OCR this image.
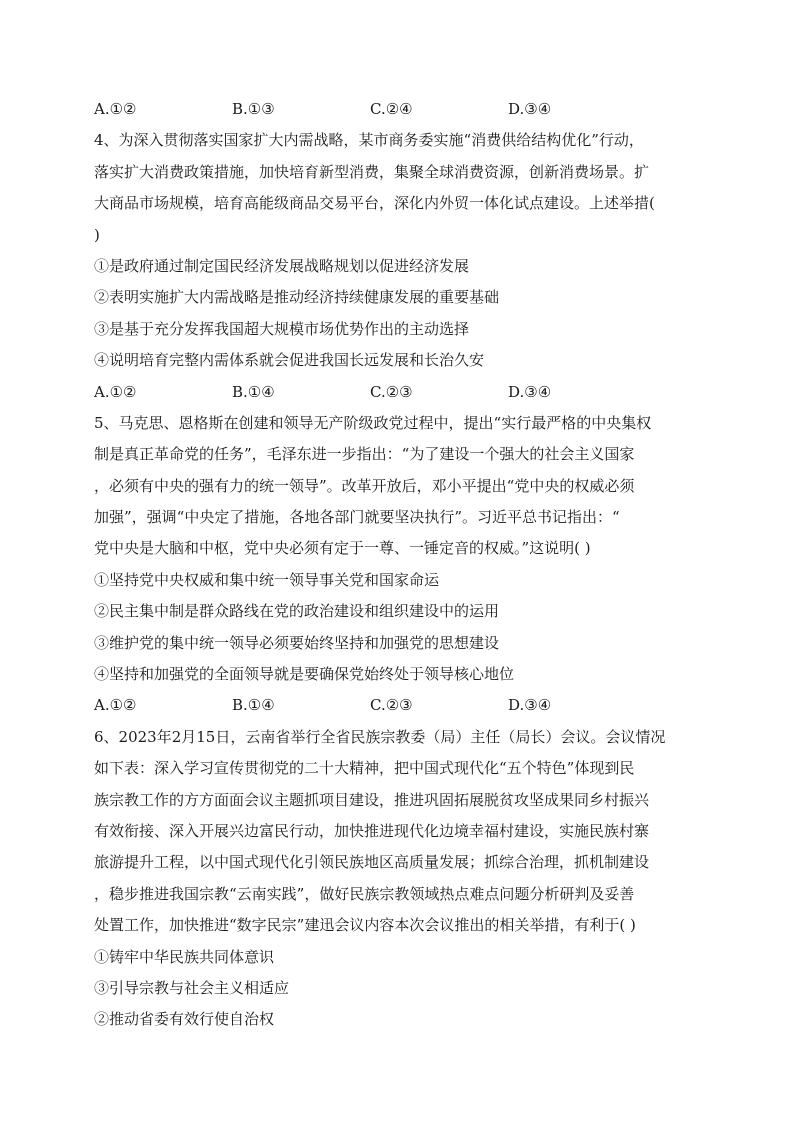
A.①②	B.①③	C.②④	D.③④
4、为深入贯彻落实国家扩大内需战略，某市商务委实施“消费供给结构优化”行动，
落实扩大消费政策措施，加快培育新型消费，集聚全球消费资源，创新消费场景。扩
大商品市场规模，培育高能级商品交易平台，深化内外贸一体化试点建设。上述举措(
)
①是政府通过制定国民经济发展战略规划以促进经济发展
②表明实施扩大内需战略是推动经济持续健康发展的重要基础
③是基于充分发挥我国超大规模市场优势作出的主动选择
④说明培育完整内需体系就会促进我国长远发展和长治久安
A.①②	B.①④	C.②③	D.③④
5、马克思、恩格斯在创建和领导无产阶级政党过程中，提出“实行最严格的中央集权
制是真正革命党的任务”，毛泽东进一步指出：“为了建设一个强大的社会主义国家
，必须有中央的强有力的统一领导”。改革开放后，邓小平提出“党中央的权威必须
加强”，强调“中央定了措施，各地各部门就要坚决执行”。习近平总书记指出：“
党中央是大脑和中枢，党中央必须有定于一尊、一锤定音的权威。”这说明( )
①坚持党中央权威和集中统一领导事关党和国家命运
②民主集中制是群众路线在党的政治建设和组织建设中的运用
③维护党的集中统一领导必须要始终坚持和加强党的思想建设
④坚持和加强党的全面领导就是要确保党始终处于领导核心地位
A.①②	B.①④	C.②③	D.③④
6、2023年2月15日，云南省举行全省民族宗教委（局）主任（局长）会议。会议情况
如下表：深入学习宣传贯彻党的二十大精神，把中国式现代化“五个特色”体现到民
族宗教工作的方方面面会议主题抓项目建设，推进巩固拓展脱贫攻坚成果同乡村振兴
有效衔接、深入开展兴边富民行动，加快推进现代化边境幸福村建设，实施民族村寨
旅游提升工程，以中国式现代化引领民族地区高质量发展；抓综合治理，抓机制建设
，稳步推进我国宗教“云南实践”，做好民族宗教领域热点难点问题分析研判及妥善
处置工作，加快推进“数字民宗”建迅会议内容本次会议推出的相关举措，有利于( )
①铸牢中华民族共同体意识
③引导宗教与社会主义相适应
②推动省委有效行使自治权
